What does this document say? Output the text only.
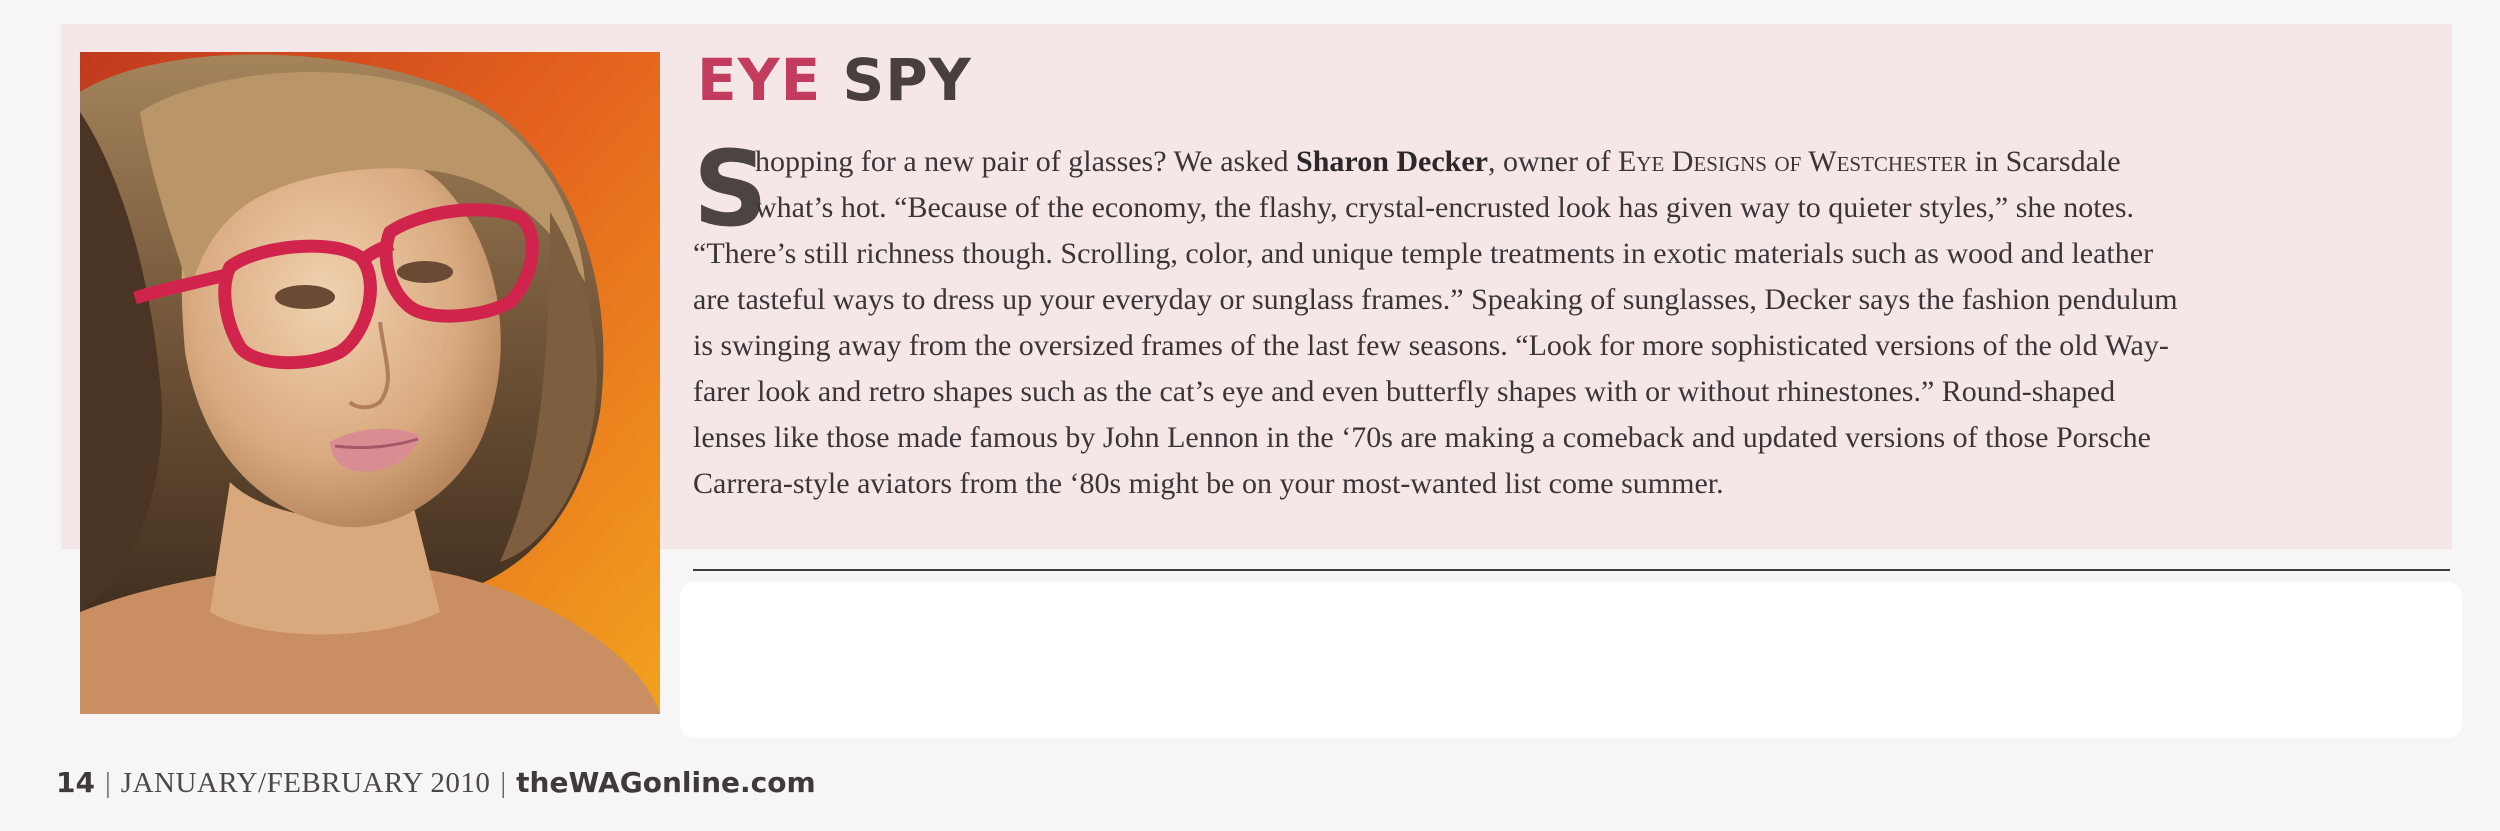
EYE SPY
S
hopping for a new pair of glasses? We asked Sharon Decker, owner of Eye Designs of Westchester in Scarsdale
what’s hot. “Because of the economy, the flashy, crystal-encrusted look has given way to quieter styles,” she notes.
“There’s still richness though. Scrolling, color, and unique temple treatments in exotic materials such as wood and leather
are tasteful ways to dress up your everyday or sunglass frames.” Speaking of sunglasses, Decker says the fashion pendulum
is swinging away from the oversized frames of the last few seasons. “Look for more sophisticated versions of the old Way-
farer look and retro shapes such as the cat’s eye and even butterfly shapes with or without rhinestones.” Round-shaped
lenses like those made famous by John Lennon in the ‘70s are making a comeback and updated versions of those Porsche
Carrera-style aviators from the ‘80s might be on your most-wanted list come summer.
14 | JANUARY/FEBRUARY 2010 | theWAGonline.com
